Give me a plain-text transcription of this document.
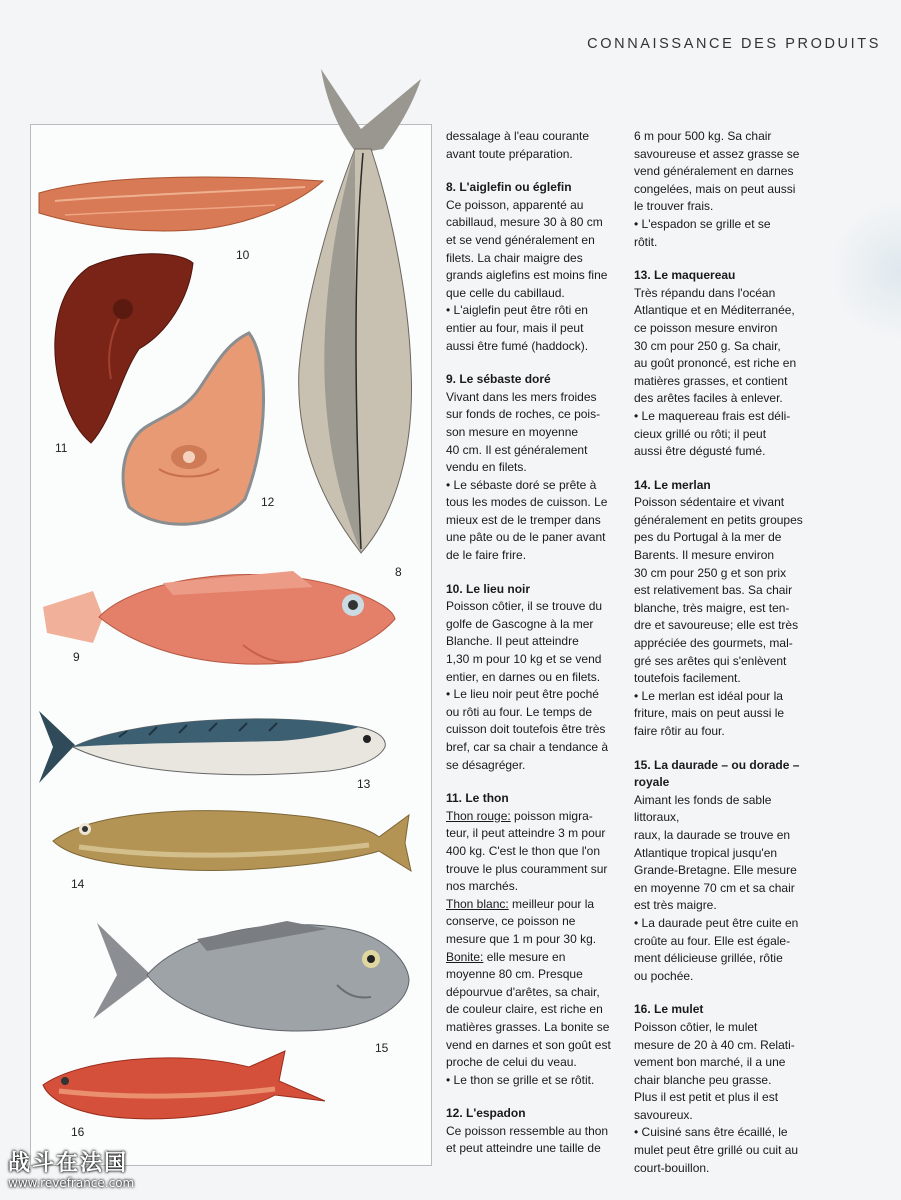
CONNAISSANCE DES PRODUITS
10
11
12
8
9
13
14
15
16

dessalage à l'eau courante

avant toute préparation.

8. L'aiglefin ou églefin

Ce poisson, apparenté au

cabillaud, mesure 30 à 80 cm

et se vend généralement en

filets. La chair maigre des

grands aiglefins est moins fine

que celle du cabillaud.

• L'aiglefin peut être rôti en

entier au four, mais il peut

aussi être fumé (haddock).

9. Le sébaste doré

Vivant dans les mers froides

sur fonds de roches, ce pois-

son mesure en moyenne

40 cm. Il est généralement

vendu en filets.

• Le sébaste doré se prête à

tous les modes de cuisson. Le

mieux est de le tremper dans

une pâte ou de le paner avant

de le faire frire.

10. Le lieu noir

Poisson côtier, il se trouve du

golfe de Gascogne à la mer

Blanche. Il peut atteindre

1,30 m pour 10 kg et se vend

entier, en darnes ou en filets.

• Le lieu noir peut être poché

ou rôti au four. Le temps de

cuisson doit toutefois être très

bref, car sa chair a tendance à

se désagréger.

11. Le thon

Thon rouge: poisson migra-

teur, il peut atteindre 3 m pour

400 kg. C'est le thon que l'on

trouve le plus couramment sur

nos marchés.

Thon blanc: meilleur pour la

conserve, ce poisson ne

mesure que 1 m pour 30 kg.

Bonite: elle mesure en

moyenne 80 cm. Presque

dépourvue d'arêtes, sa chair,

de couleur claire, est riche en

matières grasses. La bonite se

vend en darnes et son goût est

proche de celui du veau.

• Le thon se grille et se rôtit.

12. L'espadon

Ce poisson ressemble au thon

et peut atteindre une taille de

6 m pour 500 kg. Sa chair

savoureuse et assez grasse se

vend généralement en darnes

congelées, mais on peut aussi

le trouver frais.

• L'espadon se grille et se

rôtit.

13. Le maquereau

Très répandu dans l'océan

Atlantique et en Méditerranée,

ce poisson mesure environ

30 cm pour 250 g. Sa chair,

au goût prononcé, est riche en

matières grasses, et contient

des arêtes faciles à enlever.

• Le maquereau frais est déli-

cieux grillé ou rôti; il peut

aussi être dégusté fumé.

14. Le merlan

Poisson sédentaire et vivant

généralement en petits groupes

pes du Portugal à la mer de

Barents. Il mesure environ

30 cm pour 250 g et son prix

est relativement bas. Sa chair

blanche, très maigre, est ten-

dre et savoureuse; elle est très

appréciée des gourmets, mal-

gré ses arêtes qui s'enlèvent

toutefois facilement.

• Le merlan est idéal pour la

friture, mais on peut aussi le

faire rôtir au four.

15. La daurade – ou dorade –

royale

Aimant les fonds de sable littoraux,

raux, la daurade se trouve en

Atlantique tropical jusqu'en

Grande-Bretagne. Elle mesure

en moyenne 70 cm et sa chair

est très maigre.

• La daurade peut être cuite en

croûte au four. Elle est égale-

ment délicieuse grillée, rôtie

ou pochée.

16. Le mulet

Poisson côtier, le mulet

mesure de 20 à 40 cm. Relati-

vement bon marché, il a une

chair blanche peu grasse.

Plus il est petit et plus il est

savoureux.

• Cuisiné sans être écaillé, le

mulet peut être grillé ou cuit au

court-bouillon.

战斗在法国
www.revefrance.com
